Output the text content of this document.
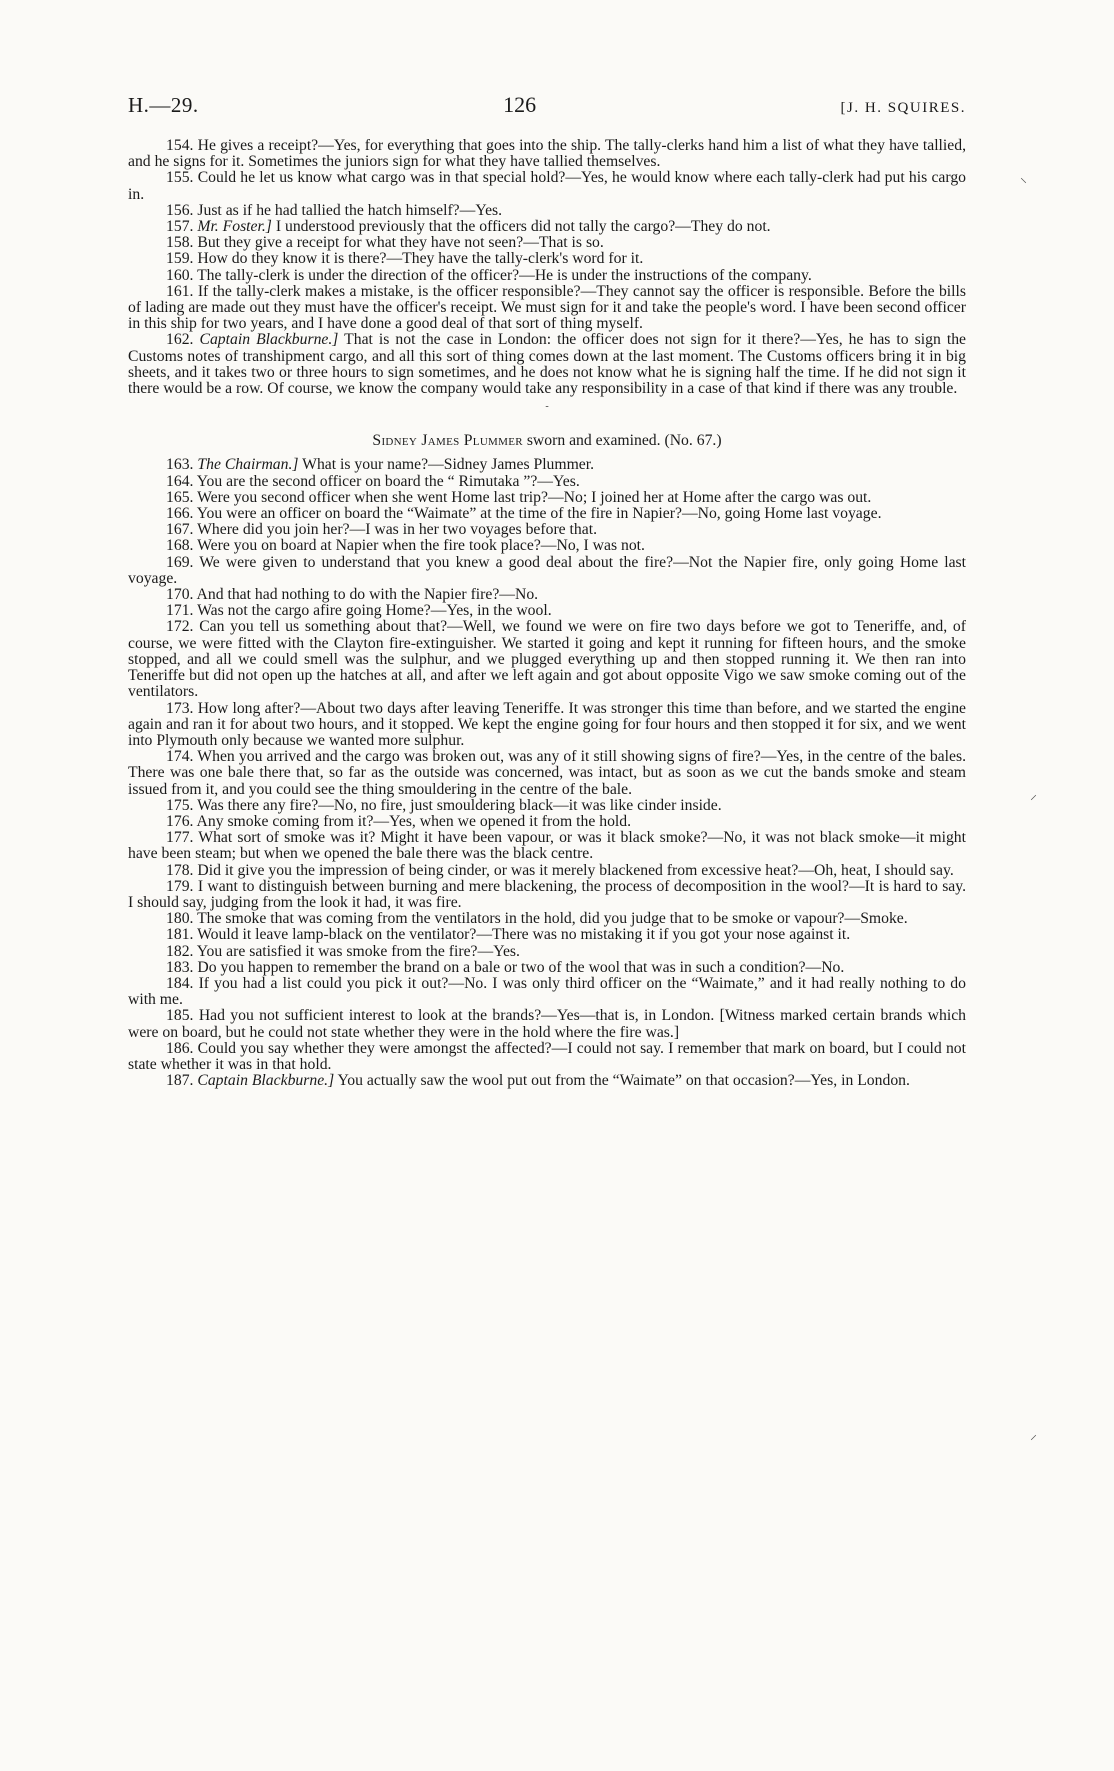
H.—29.	126	[J. H. SQUIRES.

154. He gives a receipt?—Yes, for everything that goes into the ship. The tally-clerks hand him a list of what they have tallied, and he signs for it. Sometimes the juniors sign for what they have tallied themselves.

155. Could he let us know what cargo was in that special hold?—Yes, he would know where each tally-clerk had put his cargo in.

156. Just as if he had tallied the hatch himself?—Yes.

157. Mr. Foster.] I understood previously that the officers did not tally the cargo?—They do not.

158. But they give a receipt for what they have not seen?—That is so.

159. How do they know it is there?—They have the tally-clerk's word for it.

160. The tally-clerk is under the direction of the officer?—He is under the instructions of the company.

161. If the tally-clerk makes a mistake, is the officer responsible?—They cannot say the officer is responsible. Before the bills of lading are made out they must have the officer's receipt. We must sign for it and take the people's word. I have been second officer in this ship for two years, and I have done a good deal of that sort of thing myself.

162. Captain Blackburne.] That is not the case in London: the officer does not sign for it there?—Yes, he has to sign the Customs notes of transhipment cargo, and all this sort of thing comes down at the last moment. The Customs officers bring it in big sheets, and it takes two or three hours to sign sometimes, and he does not know what he is signing half the time. If he did not sign it there would be a row. Of course, we know the company would take any responsibility in a case of that kind if there was any trouble.

-
Sidney James Plummer sworn and examined. (No. 67.)

163. The Chairman.] What is your name?—Sidney James Plummer.

164. You are the second officer on board the “ Rimutaka ”?—Yes.

165. Were you second officer when she went Home last trip?—No; I joined her at Home after the cargo was out.

166. You were an officer on board the “Waimate” at the time of the fire in Napier?—No, going Home last voyage.

167. Where did you join her?—I was in her two voyages before that.

168. Were you on board at Napier when the fire took place?—No, I was not.

169. We were given to understand that you knew a good deal about the fire?—Not the Napier fire, only going Home last voyage.

170. And that had nothing to do with the Napier fire?—No.

171. Was not the cargo afire going Home?—Yes, in the wool.

172. Can you tell us something about that?—Well, we found we were on fire two days before we got to Teneriffe, and, of course, we were fitted with the Clayton fire-extinguisher. We started it going and kept it running for fifteen hours, and the smoke stopped, and all we could smell was the sulphur, and we plugged everything up and then stopped running it. We then ran into Teneriffe but did not open up the hatches at all, and after we left again and got about opposite Vigo we saw smoke coming out of the ventilators.

173. How long after?—About two days after leaving Teneriffe. It was stronger this time than before, and we started the engine again and ran it for about two hours, and it stopped. We kept the engine going for four hours and then stopped it for six, and we went into Plymouth only because we wanted more sulphur.

174. When you arrived and the cargo was broken out, was any of it still showing signs of fire?—Yes, in the centre of the bales. There was one bale there that, so far as the outside was concerned, was intact, but as soon as we cut the bands smoke and steam issued from it, and you could see the thing smouldering in the centre of the bale.

175. Was there any fire?—No, no fire, just smouldering black—it was like cinder inside.

176. Any smoke coming from it?—Yes, when we opened it from the hold.

177. What sort of smoke was it? Might it have been vapour, or was it black smoke?—No, it was not black smoke—it might have been steam; but when we opened the bale there was the black centre.

178. Did it give you the impression of being cinder, or was it merely blackened from excessive heat?—Oh, heat, I should say.

179. I want to distinguish between burning and mere blackening, the process of decomposition in the wool?—It is hard to say. I should say, judging from the look it had, it was fire.

180. The smoke that was coming from the ventilators in the hold, did you judge that to be smoke or vapour?—Smoke.

181. Would it leave lamp-black on the ventilator?—There was no mistaking it if you got your nose against it.

182. You are satisfied it was smoke from the fire?—Yes.

183. Do you happen to remember the brand on a bale or two of the wool that was in such a condition?—No.

184. If you had a list could you pick it out?—No. I was only third officer on the “Waimate,” and it had really nothing to do with me.

185. Had you not sufficient interest to look at the brands?—Yes—that is, in London. [Witness marked certain brands which were on board, but he could not state whether they were in the hold where the fire was.]

186. Could you say whether they were amongst the affected?—I could not say. I remember that mark on board, but I could not state whether it was in that hold.

187. Captain Blackburne.] You actually saw the wool put out from the “Waimate” on that occasion?—Yes, in London.

⸜
⸝
⸝
